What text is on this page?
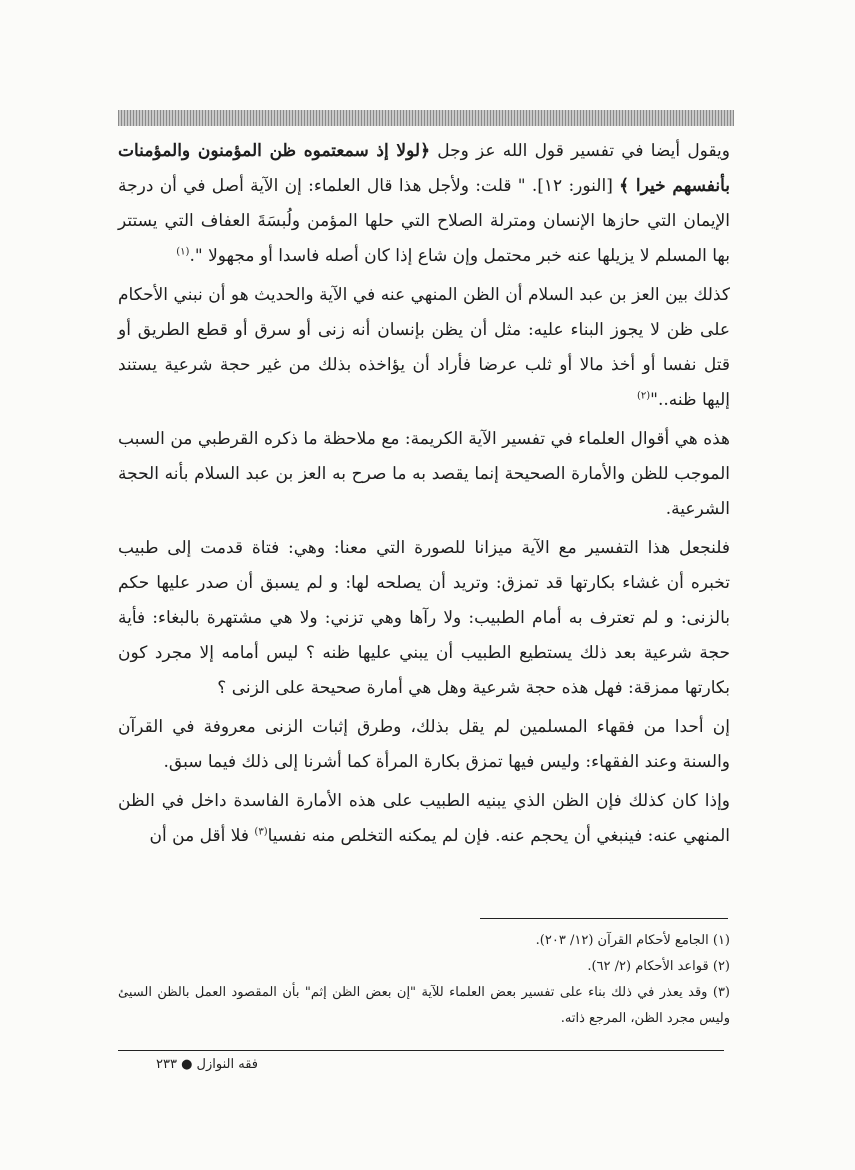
ويقول أيضا في تفسير قول الله عز وجل ﴿لولا إذ سمعتموه ظن المؤمنون والمؤمنات بأنفسهم خيرا ﴾ [النور: ١٢]. " قلت: ولأجل هذا قال العلماء: إن الآية أصل في أن درجة الإيمان التي حازها الإنسان ومترلة الصلاح التي حلها المؤمن ولُبسَةَ العفاف التي يستتر بها المسلم لا يزيلها عنه خبر محتمل وإن شاع إذا كان أصله فاسدا أو مجهولا ".$^{(١)}$

كذلك بين العز بن عبد السلام أن الظن المنهي عنه في الآية والحديث هو أن نبني الأحكام على ظن لا يجوز البناء عليه: مثل أن يظن بإنسان أنه زنى أو سرق أو قطع الطريق أو قتل نفسا أو أخذ مالا أو ثلب عرضا فأراد أن يؤاخذه بذلك من غير حجة شرعية يستند إليها ظنه.."$^{(٢)}$

هذه هي أقوال العلماء في تفسير الآية الكريمة: مع ملاحظة ما ذكره القرطبي من السبب الموجب للظن والأمارة الصحيحة إنما يقصد به ما صرح به العز بن عبد السلام بأنه الحجة الشرعية.

فلنجعل هذا التفسير مع الآية ميزانا للصورة التي معنا: وهي: فتاة قدمت إلى طبيب تخبره أن غشاء بكارتها قد تمزق: وتريد أن يصلحه لها: و لم يسبق أن صدر عليها حكم بالزنى: و لم تعترف به أمام الطبيب: ولا رآها وهي تزني: ولا هي مشتهرة بالبغاء: فأية حجة شرعية بعد ذلك يستطيع الطبيب أن يبني عليها ظنه ؟ ليس أمامه إلا مجرد كون بكارتها ممزقة: فهل هذه حجة شرعية وهل هي أمارة صحيحة على الزنى ؟

إن أحدا من فقهاء المسلمين لم يقل بذلك، وطرق إثبات الزنى معروفة في القرآن والسنة وعند الفقهاء: وليس فيها تمزق بكارة المرأة كما أشرنا إلى ذلك فيما سبق.

وإذا كان كذلك فإن الظن الذي يبنيه الطبيب على هذه الأمارة الفاسدة داخل في الظن المنهي عنه: فينبغي أن يحجم عنه. فإن لم يمكنه التخلص منه نفسيا$^{(٣)}$ فلا أقل من أن

(١) الجامع لأحكام القرآن (١٢/ ٢٠٣).

(٢) قواعد الأحكام (٢/ ٦٢).

(٣) وقد يعذر في ذلك بناء على تفسير بعض العلماء للآية "إن بعض الظن إثم" بأن المقصود العمل بالظن السيئ وليس مجرد الظن، المرجع ذاته.

فقه النوازل ● ٢٣٣
